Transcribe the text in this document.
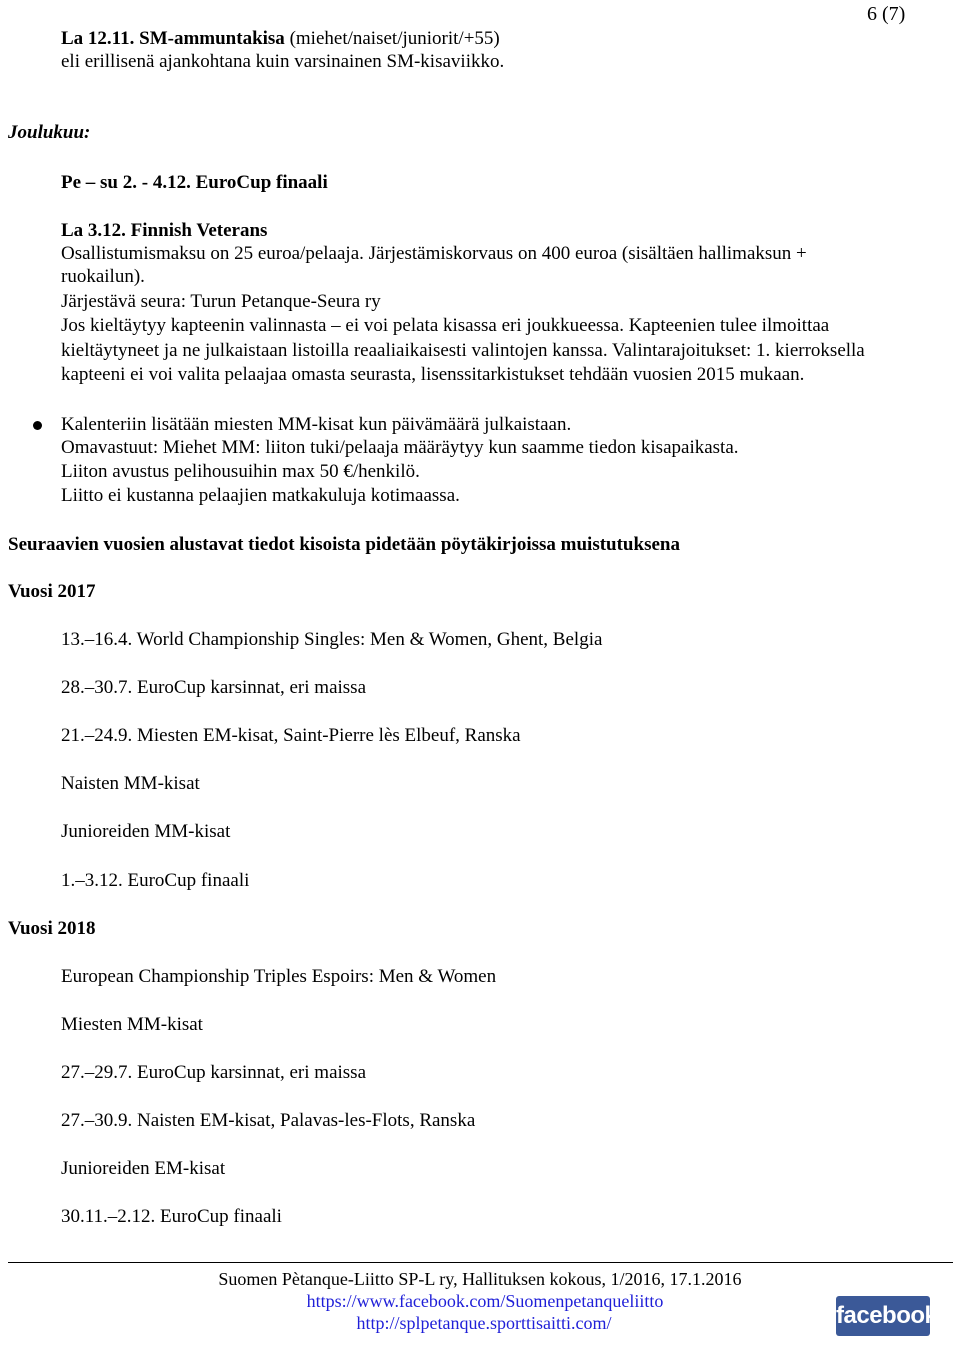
6 (7)
La 12.11. SM-ammuntakisa (miehet/naiset/juniorit/+55)
eli erillisenä ajankohtana kuin varsinainen SM-kisaviikko.
Joulukuu:
Pe – su 2. - 4.12. EuroCup finaali
La 3.12. Finnish Veterans
Osallistumismaksu on 25 euroa/pelaaja. Järjestämiskorvaus on 400 euroa (sisältäen hallimaksun +
ruokailun).
Järjestävä seura: Turun Petanque-Seura ry
Jos kieltäytyy kapteenin valinnasta – ei voi pelata kisassa eri joukkueessa. Kapteenien tulee ilmoittaa
kieltäytyneet ja ne julkaistaan listoilla reaaliaikaisesti valintojen kanssa. Valintarajoitukset: 1. kierroksella
kapteeni ei voi valita pelaajaa omasta seurasta, lisenssitarkistukset tehdään vuosien 2015 mukaan.
Kalenteriin lisätään miesten MM-kisat kun päivämäärä julkaistaan.
Omavastuut: Miehet MM: liiton tuki/pelaaja määräytyy kun saamme tiedon kisapaikasta.
Liiton avustus pelihousuihin max 50 €/henkilö.
Liitto ei kustanna pelaajien matkakuluja kotimaassa.
Seuraavien vuosien alustavat tiedot kisoista pidetään pöytäkirjoissa muistutuksena
Vuosi 2017
13.–16.4. World Championship Singles: Men & Women, Ghent, Belgia
28.–30.7. EuroCup karsinnat, eri maissa
21.–24.9. Miesten EM-kisat, Saint-Pierre lès Elbeuf, Ranska
Naisten MM-kisat
Junioreiden MM-kisat
1.–3.12. EuroCup finaali
Vuosi 2018
European Championship Triples Espoirs: Men & Women
Miesten MM-kisat
27.–29.7. EuroCup karsinnat, eri maissa
27.–30.9. Naisten EM-kisat, Palavas-les-Flots, Ranska
Junioreiden EM-kisat
30.11.–2.12. EuroCup finaali
Suomen Pètanque-Liitto SP-L ry, Hallituksen kokous, 1/2016, 17.1.2016
https://www.facebook.com/Suomenpetanqueliitto
http://splpetanque.sporttisaitti.com/	facebook
